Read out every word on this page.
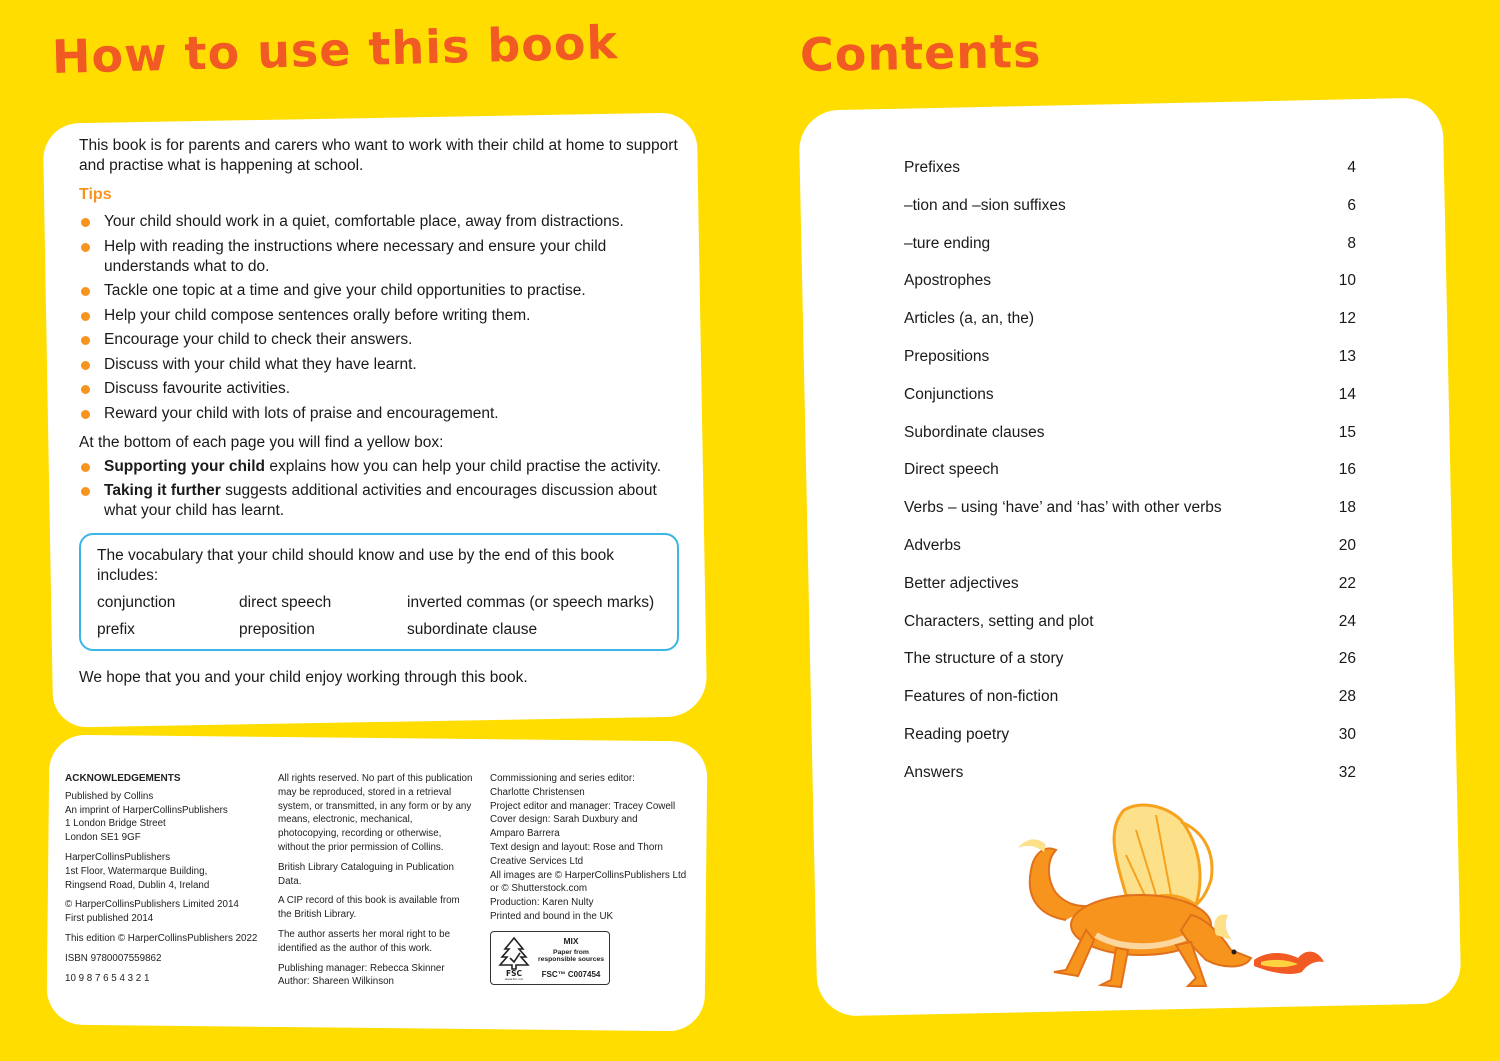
How to use this book	Contents

This book is for parents and carers who want to work with their child at home to support and practise what is happening at school.

Tips

Your child should work in a quiet, comfortable place, away from distractions.
Help with reading the instructions where necessary and ensure your child understands what to do.
Tackle one topic at a time and give your child opportunities to practise.
Help your child compose sentences orally before writing them.
Encourage your child to check their answers.
Discuss with your child what they have learnt.
Discuss favourite activities.
Reward your child with lots of praise and encouragement.

At the bottom of each page you will find a yellow box:

Supporting your child explains how you can help your child practise the activity.
Taking it further suggests additional activities and encourages discussion about what your child has learnt.
The vocabulary that your child should know and use by the end of this book includes:
conjunction	direct speech	inverted commas (or speech marks)
prefix	preposition	subordinate clause

We hope that you and your child enjoy working through this book.

ACKNOWLEDGEMENTS

Published by Collins
An imprint of HarperCollinsPublishers
1 London Bridge Street
London SE1 9GF

HarperCollinsPublishers
1st Floor, Watermarque Building,
Ringsend Road, Dublin 4, Ireland

© HarperCollinsPublishers Limited 2014
First published 2014

This edition © HarperCollinsPublishers 2022

ISBN 9780007559862

10 9 8 7 6 5 4 3 2 1

All rights reserved. No part of this publication may be reproduced, stored in a retrieval system, or transmitted, in any form or by any means, electronic, mechanical, photocopying, recording or otherwise, without the prior permission of Collins.

British Library Cataloguing in Publication Data.

A CIP record of this book is available from the British Library.

The author asserts her moral right to be identified as the author of this work.

Publishing manager: Rebecca Skinner
Author: Shareen Wilkinson

Commissioning and series editor:
Charlotte Christensen
Project editor and manager: Tracey Cowell
Cover design: Sarah Duxbury and
Amparo Barrera
Text design and layout: Rose and Thorn
Creative Services Ltd
All images are © HarperCollinsPublishers Ltd
or © Shutterstock.com
Production: Karen Nulty
Printed and bound in the UK

FSC
www.fsc.org
MIX
Paper from responsible sources
FSC™ C007454
Prefixes	4
–tion and –sion suffixes	6
–ture ending	8
Apostrophes	10
Articles (a, an, the)	12
Prepositions	13
Conjunctions	14
Subordinate clauses	15
Direct speech	16
Verbs – using ‘have’ and ‘has’ with other verbs	18
Adverbs	20
Better adjectives	22
Characters, setting and plot	24
The structure of a story	26
Features of non-fiction	28
Reading poetry	30
Answers	32
